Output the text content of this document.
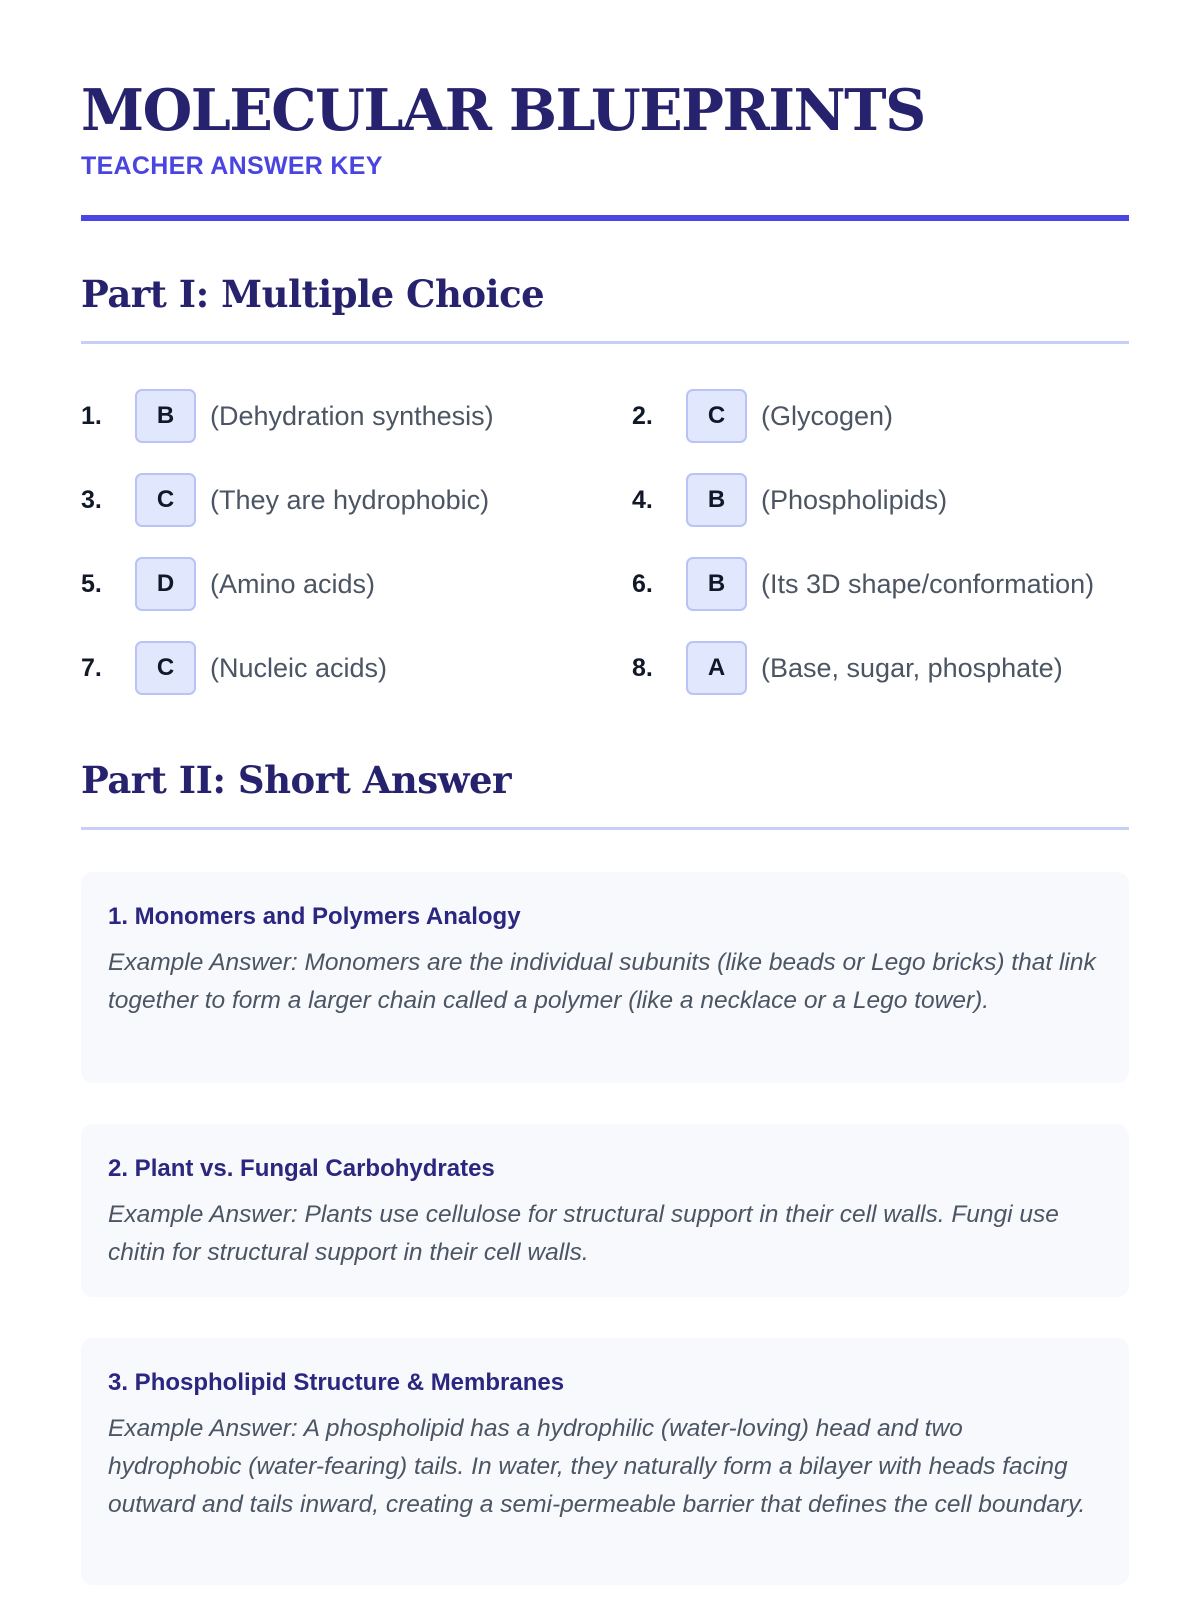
MOLECULAR BLUEPRINTS
TEACHER ANSWER KEY
Part I: Multiple Choice
1.	B	(Dehydration synthesis)	2.	C	(Glycogen)
3.	C	(They are hydrophobic)	4.	B	(Phospholipids)
5.	D	(Amino acids)	6.	B	(Its 3D shape/conformation)
7.	C	(Nucleic acids)	8.	A	(Base, sugar, phosphate)
Part II: Short Answer
1. Monomers and Polymers Analogy

Example Answer: Monomers are the individual subunits (like beads or Lego bricks) that link together to form a larger chain called a polymer (like a necklace or a Lego tower).

2. Plant vs. Fungal Carbohydrates

Example Answer: Plants use cellulose for structural support in their cell walls. Fungi use chitin for structural support in their cell walls.

3. Phospholipid Structure & Membranes

Example Answer: A phospholipid has a hydrophilic (water-loving) head and two hydrophobic (water-fearing) tails. In water, they naturally form a bilayer with heads facing outward and tails inward, creating a semi-permeable barrier that defines the cell boundary.
